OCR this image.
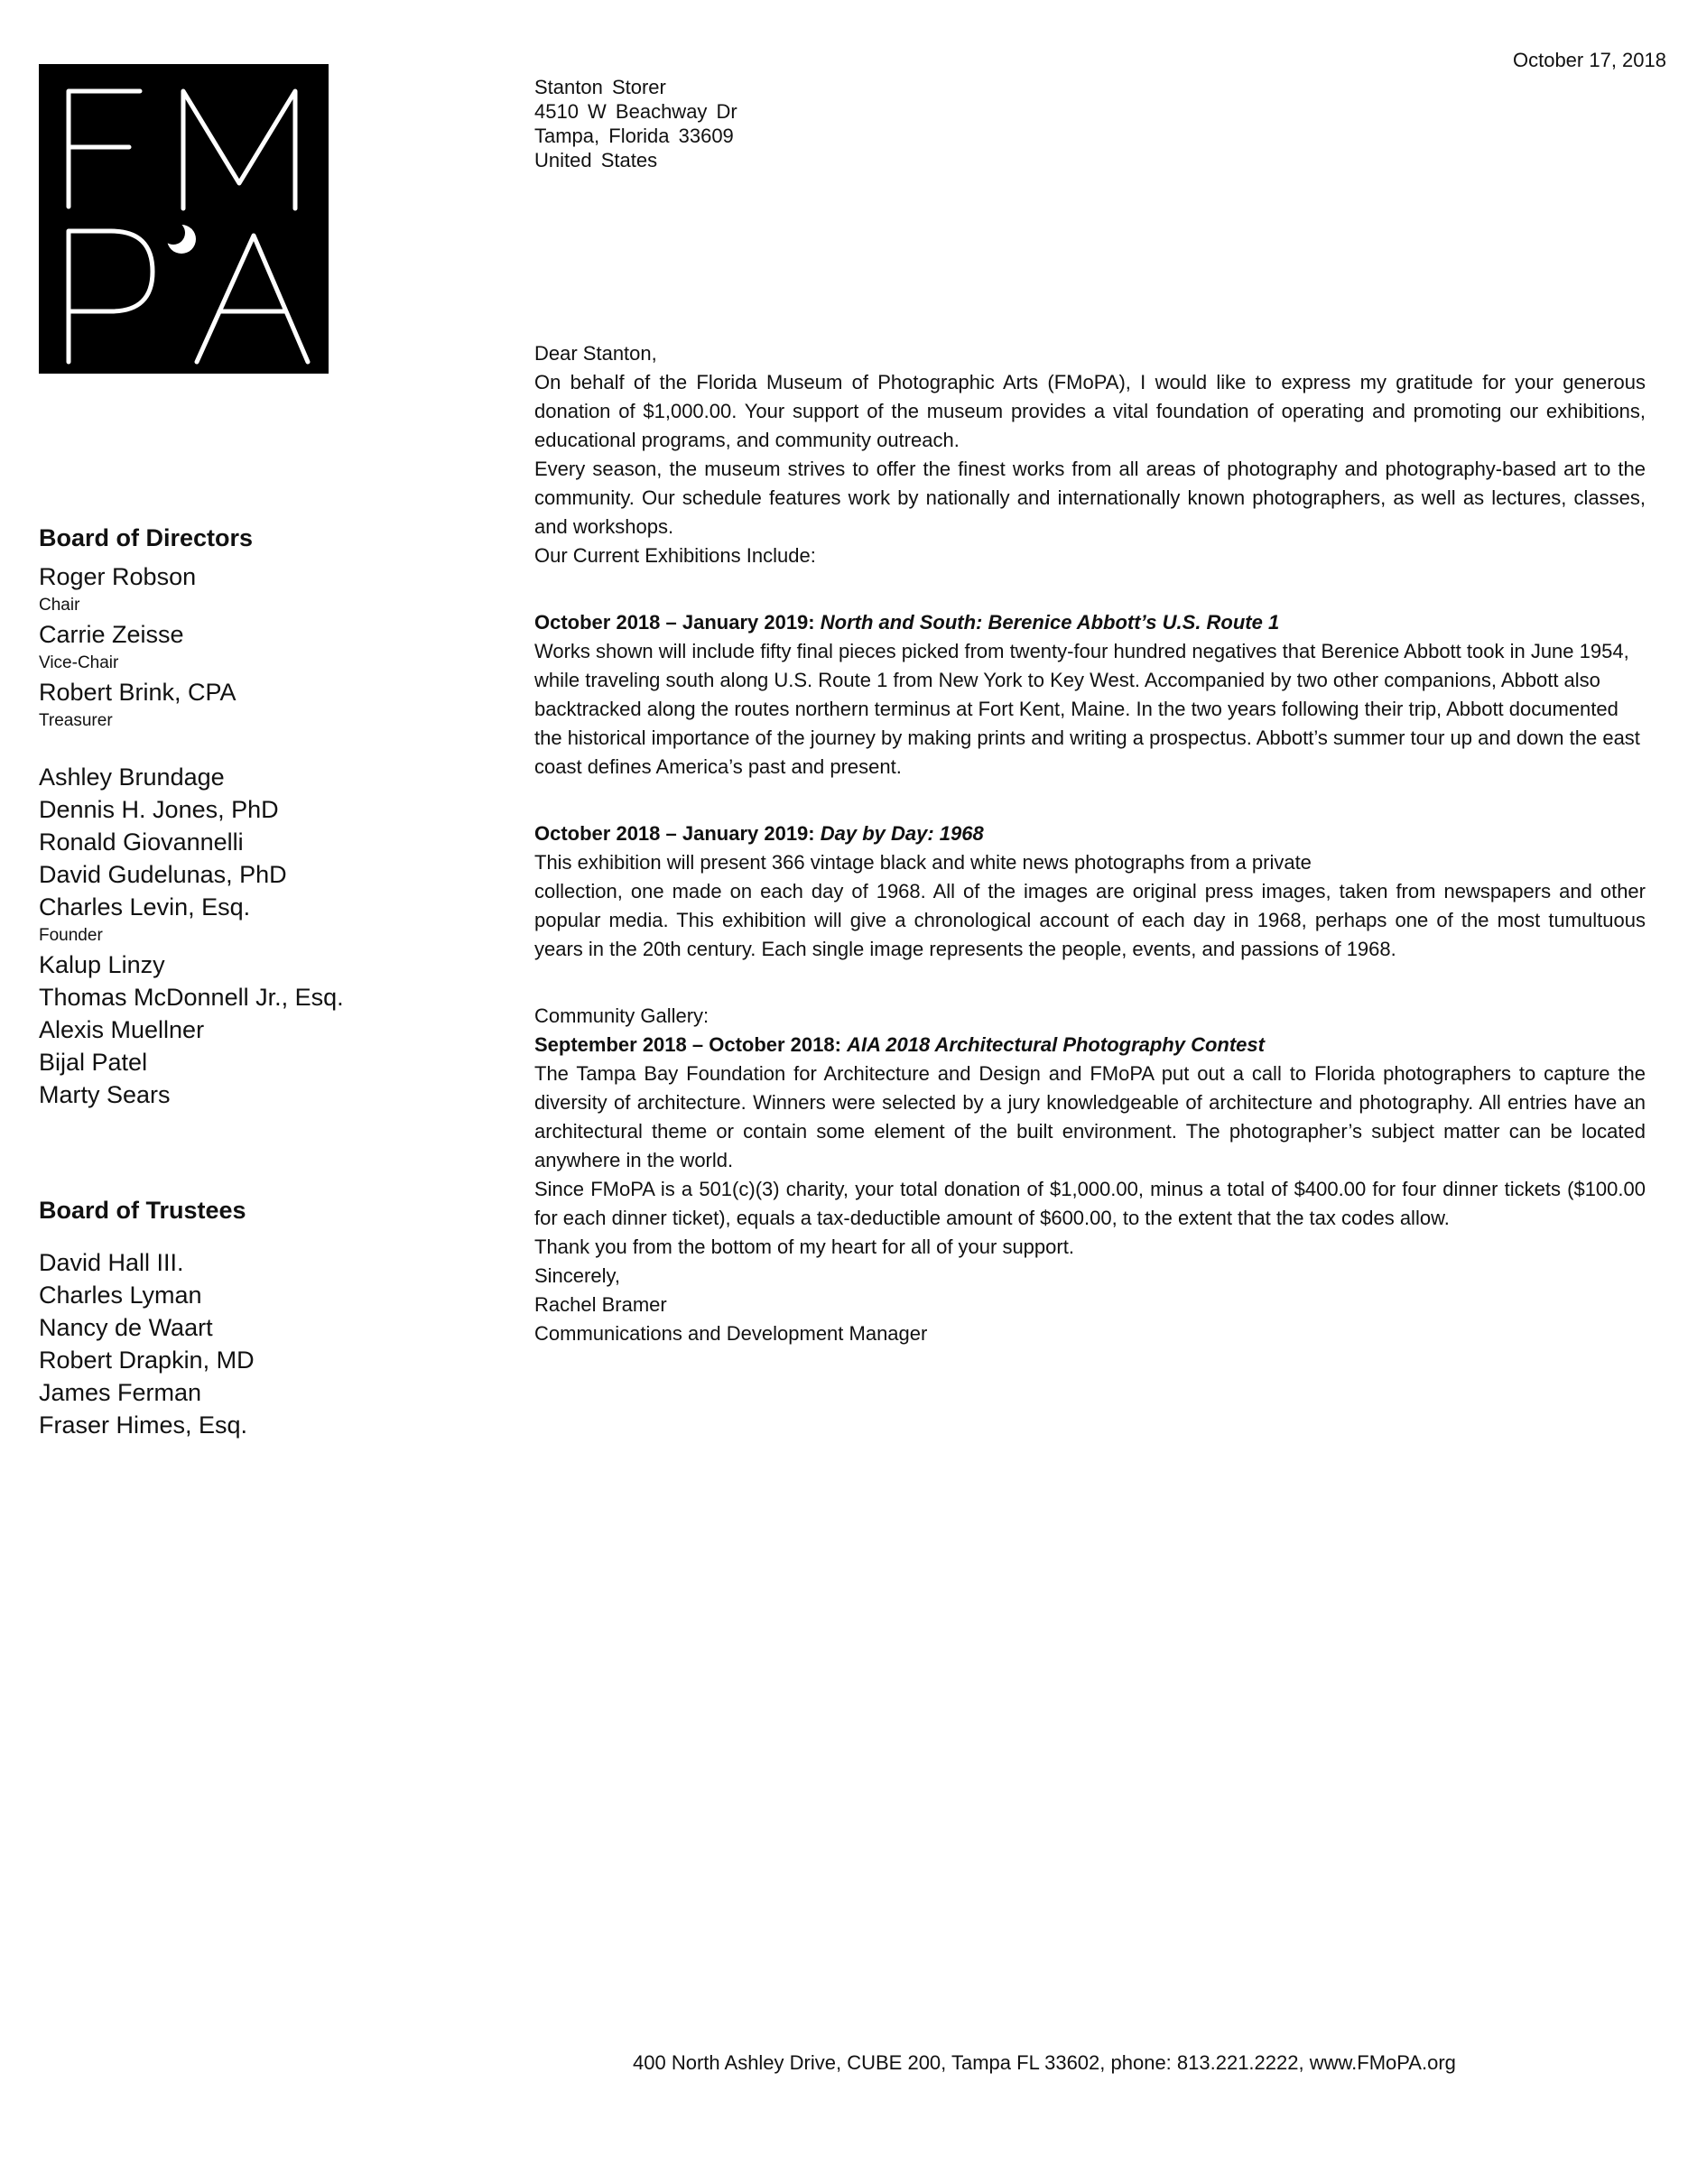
October 17, 2018
Stanton Storer
4510 W Beachway Dr
Tampa, Florida 33609
United States
Board of Directors
Roger Robson
Chair
Carrie Zeisse
Vice-Chair
Robert Brink, CPA
Treasurer
Ashley Brundage
Dennis H. Jones, PhD
Ronald Giovannelli
David Gudelunas, PhD
Charles Levin, Esq.
Founder
Kalup Linzy
Thomas McDonnell Jr., Esq.
Alexis Muellner
Bijal Patel
Marty Sears
Board of Trustees
David Hall III.
Charles Lyman
Nancy de Waart
Robert Drapkin, MD
James Ferman
Fraser Himes, Esq.

Dear Stanton,

On behalf of the Florida Museum of Photographic Arts (FMoPA), I would like to express my gratitude for your generous donation of $1,000.00. Your support of the museum provides a vital foundation of operating and promoting our exhibitions, educational programs, and community outreach.

Every season, the museum strives to offer the finest works from all areas of photography and photography-based art to the community. Our schedule features work by nationally and internationally known photographers, as well as lectures, classes, and workshops.

Our Current Exhibitions Include:

October 2018 – January 2019: North and South: Berenice Abbott’s U.S. Route 1

Works shown will include fifty final pieces picked from twenty-four hundred negatives that Berenice Abbott took in June 1954, while traveling south along U.S. Route 1 from New York to Key West. Accompanied by two other companions, Abbott also backtracked along the routes northern terminus at Fort Kent, Maine. In the two years following their trip, Abbott documented the historical importance of the journey by making prints and writing a prospectus. Abbott’s summer tour up and down the east coast defines America’s past and present.

October 2018 – January 2019: Day by Day: 1968

This exhibition will present 366 vintage black and white news photographs from a private

collection, one made on each day of 1968. All of the images are original press images, taken from newspapers and other popular media. This exhibition will give a chronological account of each day in 1968, perhaps one of the most tumultuous years in the 20th century. Each single image represents the people, events, and passions of 1968.

Community Gallery:

September 2018 – October 2018: AIA 2018 Architectural Photography Contest

The Tampa Bay Foundation for Architecture and Design and FMoPA put out a call to Florida photographers to capture the diversity of architecture. Winners were selected by a jury knowledgeable of architecture and photography. All entries have an architectural theme or contain some element of the built environment. The photographer’s subject matter can be located anywhere in the world.

Since FMoPA is a 501(c)(3) charity, your total donation of $1,000.00, minus a total of $400.00 for four dinner tickets ($100.00 for each dinner ticket), equals a tax-deductible amount of $600.00, to the extent that the tax codes allow.

Thank you from the bottom of my heart for all of your support.

Sincerely,

Rachel Bramer

Communications and Development Manager

400 North Ashley Drive, CUBE 200, Tampa FL 33602, phone: 813.221.2222, www.FMoPA.org
